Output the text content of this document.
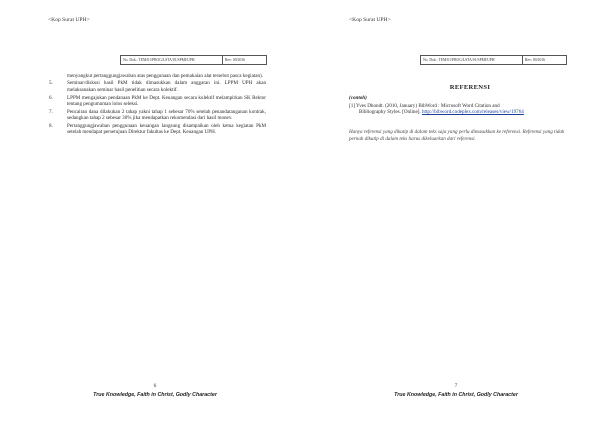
<Kop Surat UPH>
No. Dok.: TEM/01/PROG/LSTA/01/SPMI/UPH	Rev: 00/2016
menyangkut pertanggungjawaban atas penggunaan dan pemakaian alat tersebut pasca kegiatan).
5.	Seminar/diskusi hasil PkM tidak dimasukkan dalam anggaran ini. LPPM UPH akan melaksanakan seminar hasil penelitian secara kolektif.
6.	LPPM mengajukan pendanaan PkM ke Dept. Keuangan secara kolektif melampirkan SK Rektor tentang pengumuman lolos seleksi.
7.	Pencairan dana dilakukan 2 tahap yakni tahap 1 sebesar 70% setelah penandatanganan kontrak, sedangkan tahap 2 sebesar 30% jika mendapatkan rekomendasi dari hasil monev.
8.	Pertanggungjawaban penggunaan keuangan langsung disampaikan oleh ketua kegiatan PkM setelah mendapat persetujuan Direktur fakultas ke Dept. Keuangan UPH.
6
True Knowledge, Faith in Christ, Godly Character
<Kop Surat UPH>
No. Dok.: TEM/01/PROG/LSTA/01/SPMI/UPH	Rev: 00/2016
REFERENSI
(contoh)
[1] Yves Dhondt. (2010, January) BibWord : Microsoft Word Citation and
Bibliography Styles. [Online]. http://bibword.codeplex.com/releases/view/19764
Hanya referensi yang dikutip di dalam teks saja yang perlu dimasukkan ke referensi. Referensi yang tidak pernah dikutip di dalam teks harus dikeluarkan dari referensi.
7
True Knowledge, Faith in Christ, Godly Character
